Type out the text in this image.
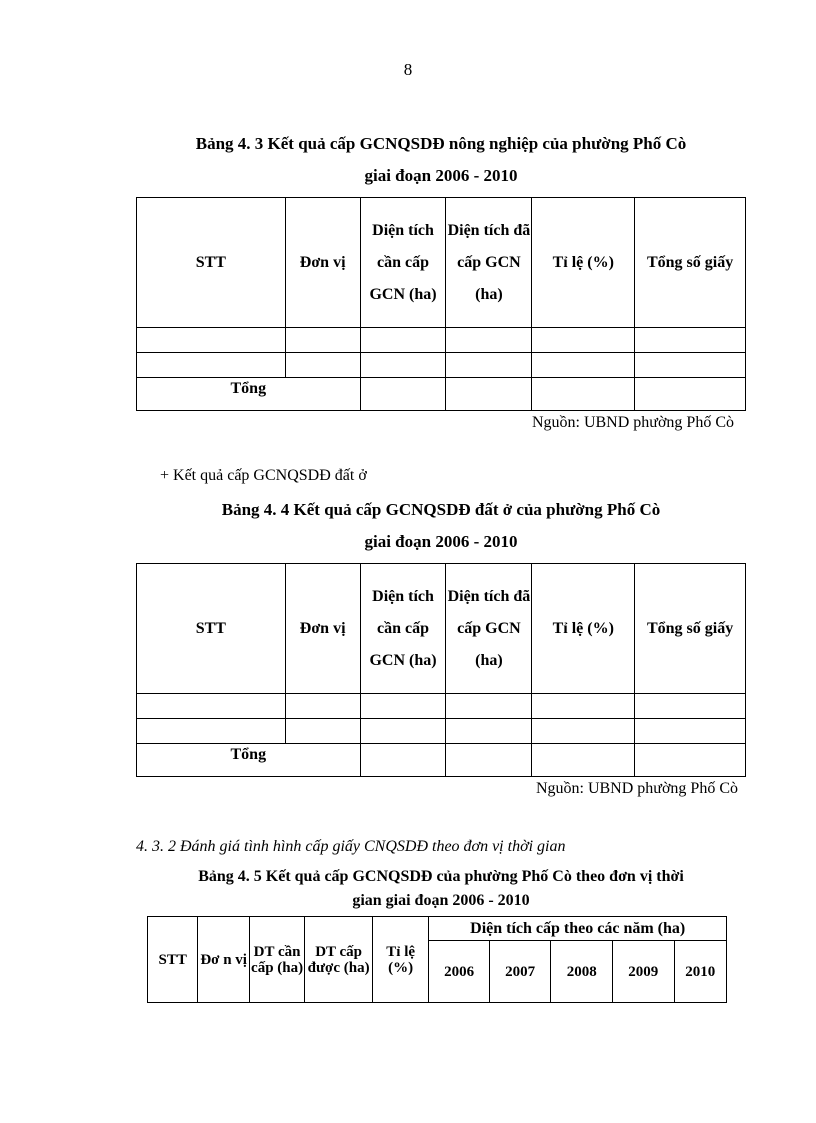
8
Bảng 4. 3 Kết quả cấp GCNQSDĐ nông nghiệp của phường Phố Cò
giai đoạn 2006 - 2010
STT	Đơn vị	Diện tích cần cấp GCN (ha)	Diện tích đã cấp GCN (ha)	Tỉ lệ (%)	Tổng số giấy

Tổng					
Nguồn: UBND phường Phố Cò
+ Kết quả cấp GCNQSDĐ đất ở
Bảng 4. 4 Kết quả cấp GCNQSDĐ đất ở của phường Phố Cò
giai đoạn 2006 - 2010
STT	Đơn vị	Diện tích cần cấp GCN (ha)	Diện tích đã cấp GCN (ha)	Tỉ lệ (%)	Tổng số giấy

Tổng					
Nguồn: UBND phường Phố Cò
4. 3. 2 Đánh giá tình hình cấp giấy CNQSDĐ theo đơn vị thời gian
Bảng 4. 5 Kết quả cấp GCNQSDĐ của phường Phố Cò theo đơn vị thời
gian giai đoạn 2006 - 2010
STT	Đơ n vị	DT cần cấp (ha)	DT cấp được (ha)	Tỉ lệ (%)	Diện tích cấp theo các năm (ha)				
					2006	2007	2008	2009	2010
